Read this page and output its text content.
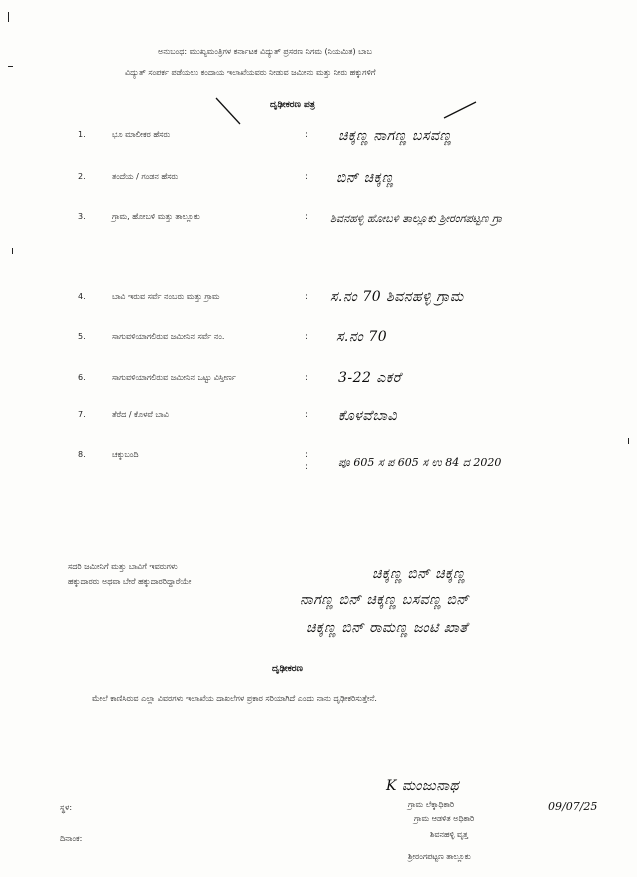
ಅನುಬಂಧ: ಮುಖ್ಯಮಂತ್ರಿಗಳ ಕರ್ನಾಟಕ ವಿದ್ಯುತ್ ಪ್ರಸರಣ ನಿಗಮ (ನಿಯಮಿತ) ಬಾಬ
ವಿದ್ಯುತ್ ಸಂಪರ್ಕ ಪಡೆಯಲು ಕಂದಾಯ ಇಲಾಖೆಯವರು ನೀಡುವ ಜಮೀನು ಮತ್ತು ನೀರು ಹಕ್ಕುಗಳಿಗೆ
ದೃಢೀಕರಣ ಪತ್ರ
1.	ಭೂ ಮಾಲೀಕರ ಹೆಸರು	: ಚಿಕ್ಕಣ್ಣ ನಾಗಣ್ಣ ಬಸವಣ್ಣ
2.	ತಂದೆಯ / ಗಂಡನ ಹೆಸರು	: ಬಿನ್ ಚಿಕ್ಕಣ್ಣ
3.	ಗ್ರಾಮ, ಹೋಬಳಿ ಮತ್ತು ತಾಲ್ಲೂಕು	: ಶಿವನಹಳ್ಳಿ ಹೋಬಳಿ ತಾಲ್ಲೂಕು ಶ್ರೀರಂಗಪಟ್ಟಣ ಗ್ರಾ
4.	ಬಾವಿ ಇರುವ ಸರ್ವೆ ನಂಬರು ಮತ್ತು ಗ್ರಾಮ	: ಸ.ನಂ 70 ಶಿವನಹಳ್ಳಿ ಗ್ರಾಮ
5.	ಸಾಗುವಳಿಯಾಗಲಿರುವ ಜಮೀನಿನ ಸರ್ವೆ ನಂ.	: ಸ.ನಂ 70
6.	ಸಾಗುವಳಿಯಾಗಲಿರುವ ಜಮೀನಿನ ಒಟ್ಟು ವಿಸ್ತೀರ್ಣ	: 3-22 ಎಕರೆ
7.	ತೆರೆದ / ಕೊಳವೆ ಬಾವಿ	: ಕೊಳವೆಬಾವಿ
8.	ಚಕ್ಕುಬಂದಿ	:
:	ಪೂ 605 ಸ ಪ 605 ಸ ಉ 84 ದ 2020
ಸದರಿ ಜಮೀನಿಗೆ ಮತ್ತು ಬಾವಿಗೆ ಇವರುಗಳು
ಹಕ್ಕುದಾರರು ಅಥವಾ ಬೇರೆ ಹಕ್ಕುದಾರರಿದ್ದಾರೆಯೇ	ಚಿಕ್ಕಣ್ಣ ಬಿನ್ ಚಿಕ್ಕಣ್ಣ
ನಾಗಣ್ಣ ಬಿನ್ ಚಿಕ್ಕಣ್ಣ ಬಸವಣ್ಣ ಬಿನ್
ಚಿಕ್ಕಣ್ಣ ಬಿನ್ ರಾಮಣ್ಣ ಜಂಟಿ ಖಾತೆ
ದೃಢೀಕರಣ
ಮೇಲೆ ಕಾಣಿಸಿರುವ ಎಲ್ಲಾ ವಿವರಗಳು ಇಲಾಖೆಯ ದಾಖಲೆಗಳ ಪ್ರಕಾರ ಸರಿಯಾಗಿದೆ ಎಂದು ನಾನು ದೃಢೀಕರಿಸುತ್ತೇನೆ.
ಸ್ಥಳ:
ದಿನಾಂಕ:
K ಮಂಜುನಾಥ
09/07/25
ಗ್ರಾಮ ಲೆಕ್ಕಾಧಿಕಾರಿ
ಗ್ರಾಮ ಆಡಳಿತ ಅಧಿಕಾರಿ
ಶಿವನಹಳ್ಳಿ ವೃತ್ತ
ಶ್ರೀರಂಗಪಟ್ಟಣ ತಾಲ್ಲೂಕು
